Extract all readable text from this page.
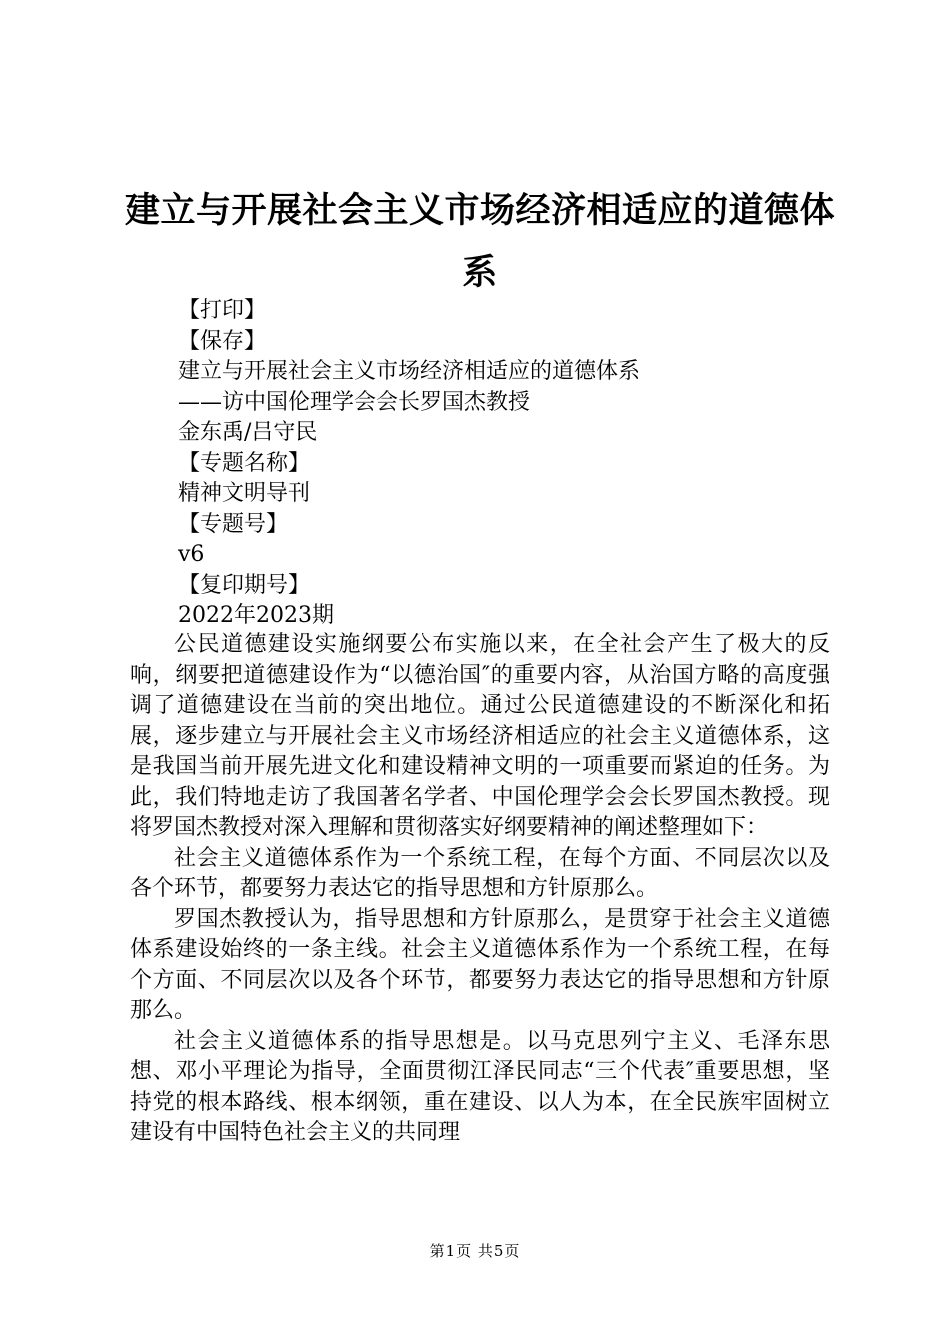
建立与开展社会主义市场经济相适应的道德体系
【打印】
【保存】
建立与开展社会主义市场经济相适应的道德体系
——访中国伦理学会会长罗国杰教授
金东禹/吕守民
【专题名称】
精神文明导刊
【专题号】
v6
【复印期号】
2022年2023期

公民道德建设实施纲要公布实施以来，在全社会产生了极大的反响，纲要把道德建设作为“以德治国″的重要内容，从治国方略的高度强调了道德建设在当前的突出地位。通过公民道德建设的不断深化和拓展，逐步建立与开展社会主义市场经济相适应的社会主义道德体系，这是我国当前开展先进文化和建设精神文明的一项重要而紧迫的任务。为此，我们特地走访了我国著名学者、中国伦理学会会长罗国杰教授。现将罗国杰教授对深入理解和贯彻落实好纲要精神的阐述整理如下：

社会主义道德体系作为一个系统工程，在每个方面、不同层次以及各个环节，都要努力表达它的指导思想和方针原那么。

罗国杰教授认为，指导思想和方针原那么，是贯穿于社会主义道德体系建设始终的一条主线。社会主义道德体系作为一个系统工程，在每个方面、不同层次以及各个环节，都要努力表达它的指导思想和方针原那么。

社会主义道德体系的指导思想是。以马克思列宁主义、毛泽东思想、邓小平理论为指导，全面贯彻江泽民同志“三个代表″重要思想，坚持党的根本路线、根本纲领，重在建设、以人为本，在全民族牢固树立建设有中国特色社会主义的共同理

第1页 共5页
